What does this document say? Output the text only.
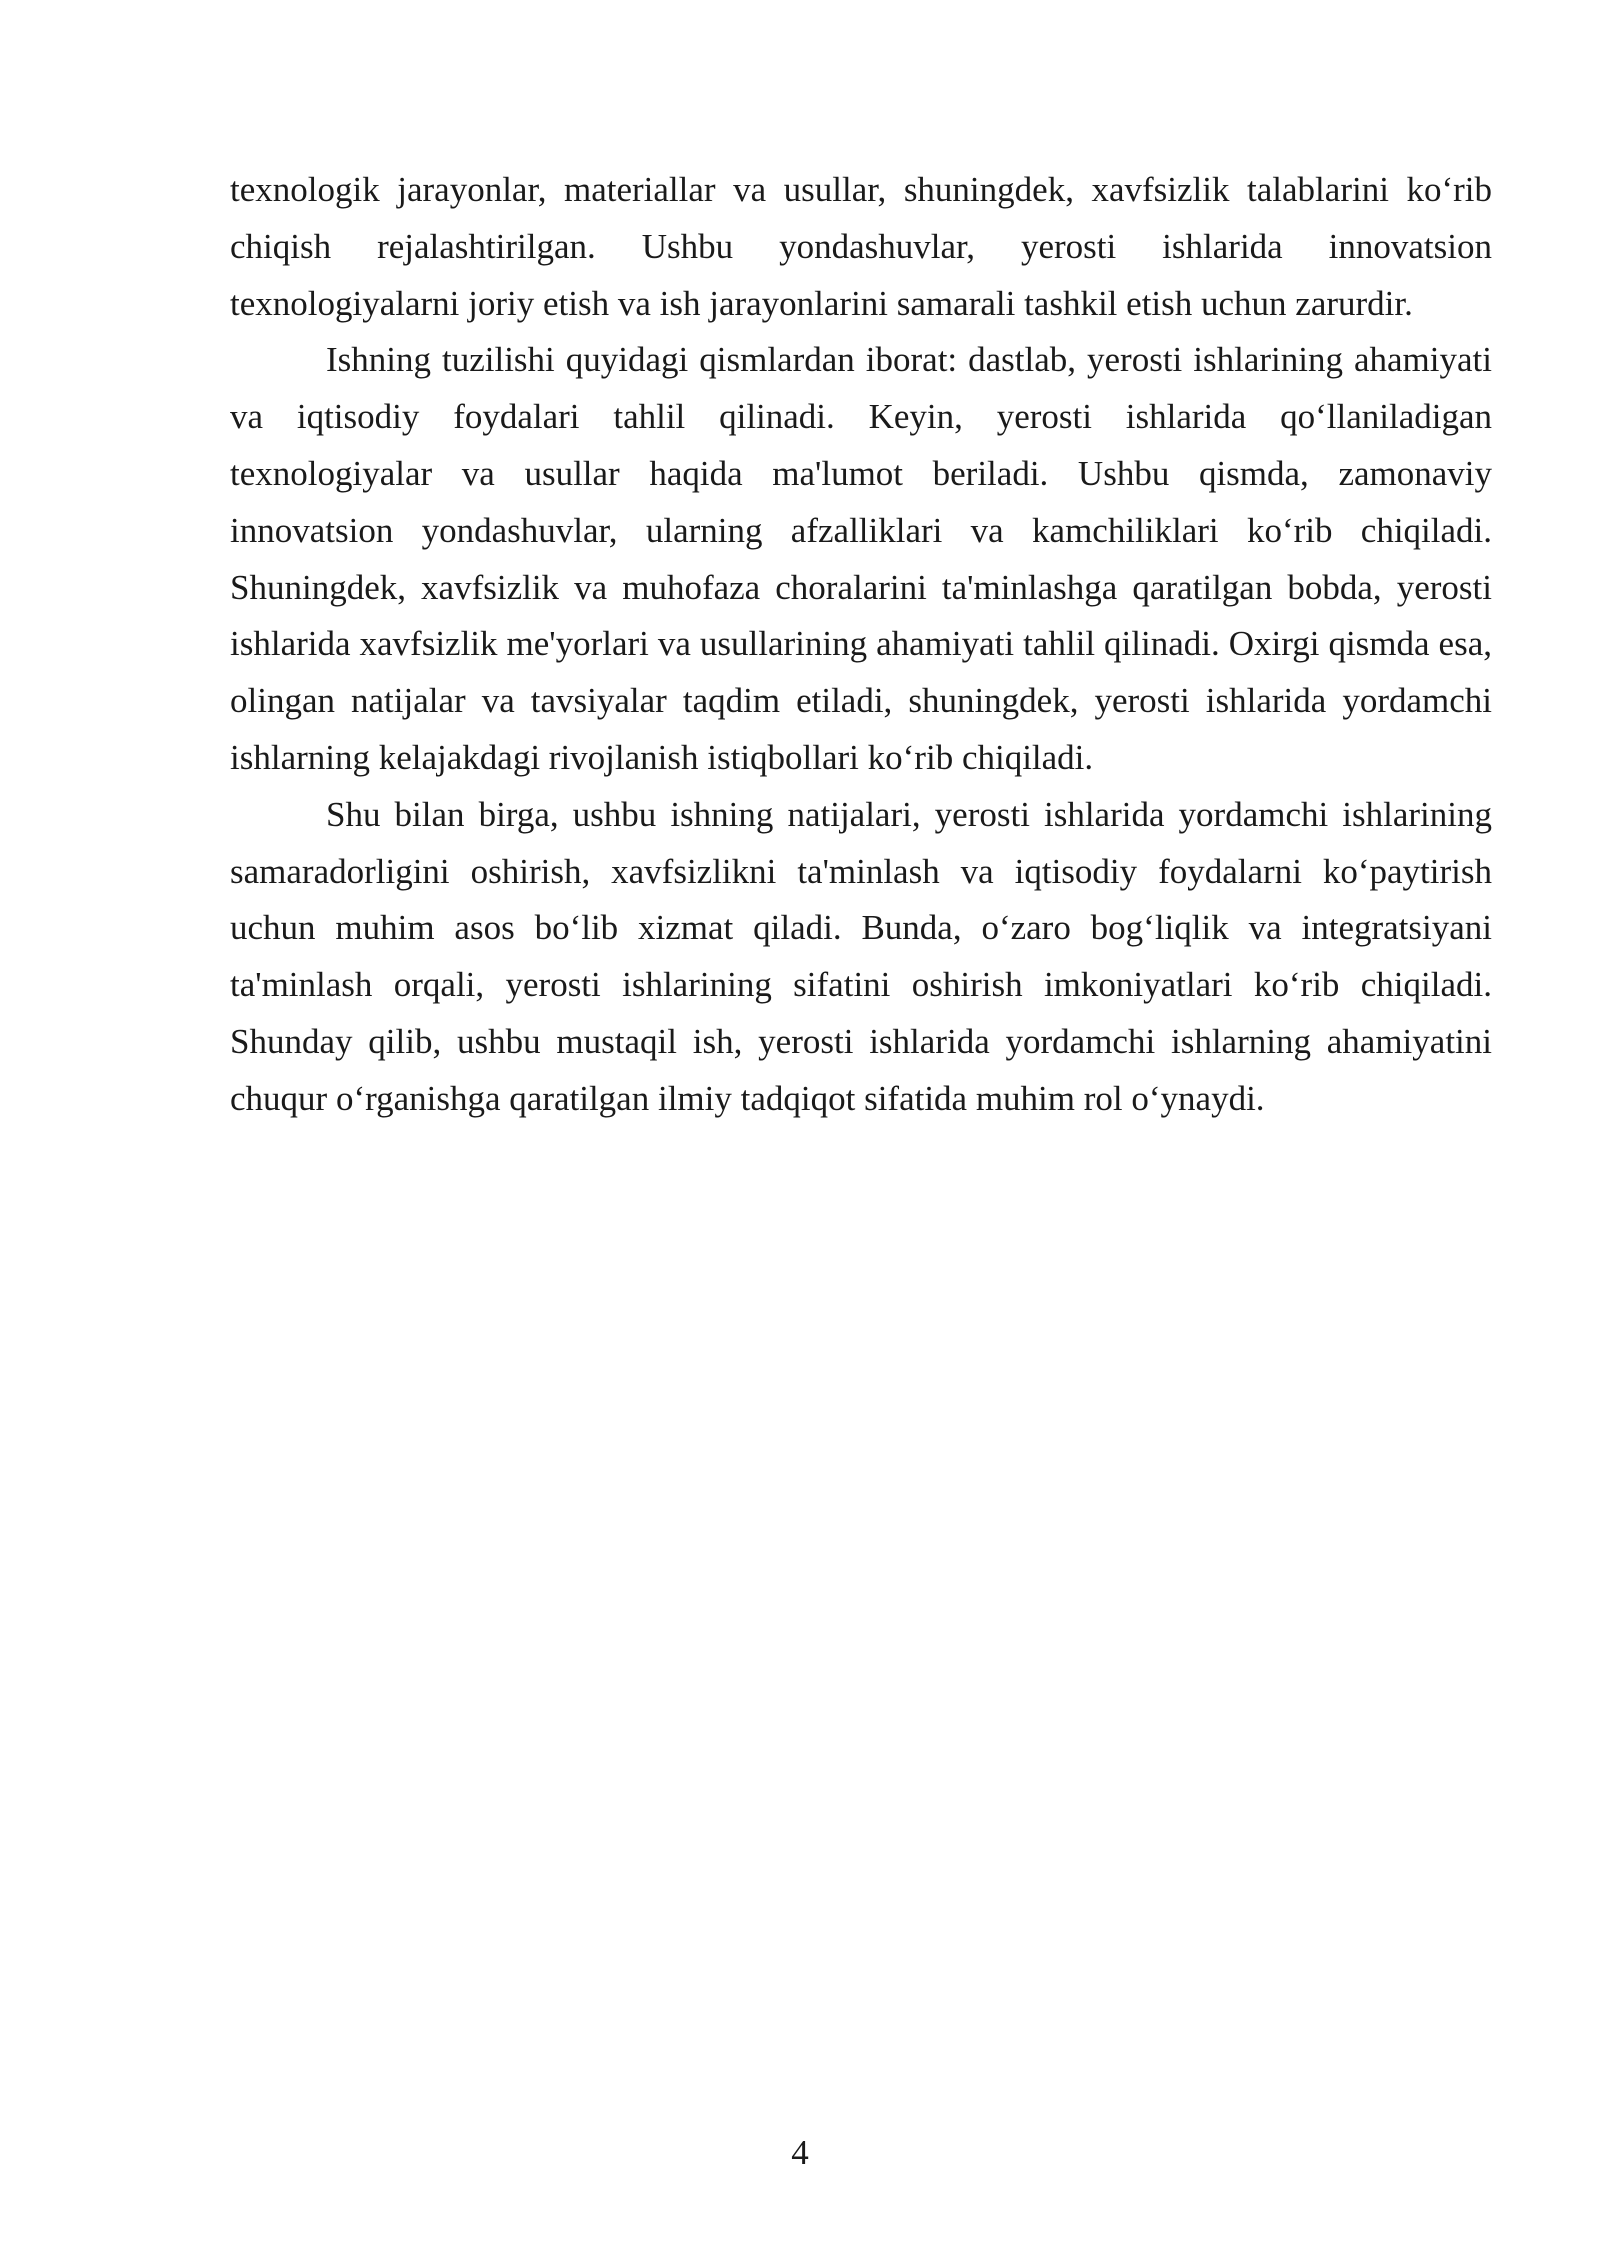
texnologik jarayonlar, materiallar va usullar, shuningdek, xavfsizlik talablarini ko‘rib chiqish rejalashtirilgan. Ushbu yondashuvlar, yerosti ishlarida innovatsion texnologiyalarni joriy etish va ish jarayonlarini samarali tashkil etish uchun zarurdir.

Ishning tuzilishi quyidagi qismlardan iborat: dastlab, yerosti ishlarining ahamiyati va iqtisodiy foydalari tahlil qilinadi. Keyin, yerosti ishlarida qo‘llaniladigan texnologiyalar va usullar haqida ma'lumot beriladi. Ushbu qismda, zamonaviy innovatsion yondashuvlar, ularning afzalliklari va kamchiliklari ko‘rib chiqiladi. Shuningdek, xavfsizlik va muhofaza choralarini ta'minlashga qaratilgan bobda, yerosti ishlarida xavfsizlik me'yorlari va usullarining ahamiyati tahlil qilinadi. Oxirgi qismda esa, olingan natijalar va tavsiyalar taqdim etiladi, shuningdek, yerosti ishlarida yordamchi ishlarning kelajakdagi rivojlanish istiqbollari ko‘rib chiqiladi.

Shu bilan birga, ushbu ishning natijalari, yerosti ishlarida yordamchi ishlarining samaradorligini oshirish, xavfsizlikni ta'minlash va iqtisodiy foydalarni ko‘paytirish uchun muhim asos bo‘lib xizmat qiladi. Bunda, o‘zaro bog‘liqlik va integratsiyani ta'minlash orqali, yerosti ishlarining sifatini oshirish imkoniyatlari ko‘rib chiqiladi. Shunday qilib, ushbu mustaqil ish, yerosti ishlarida yordamchi ishlarning ahamiyatini chuqur o‘rganishga qaratilgan ilmiy tadqiqot sifatida muhim rol o‘ynaydi.

4
